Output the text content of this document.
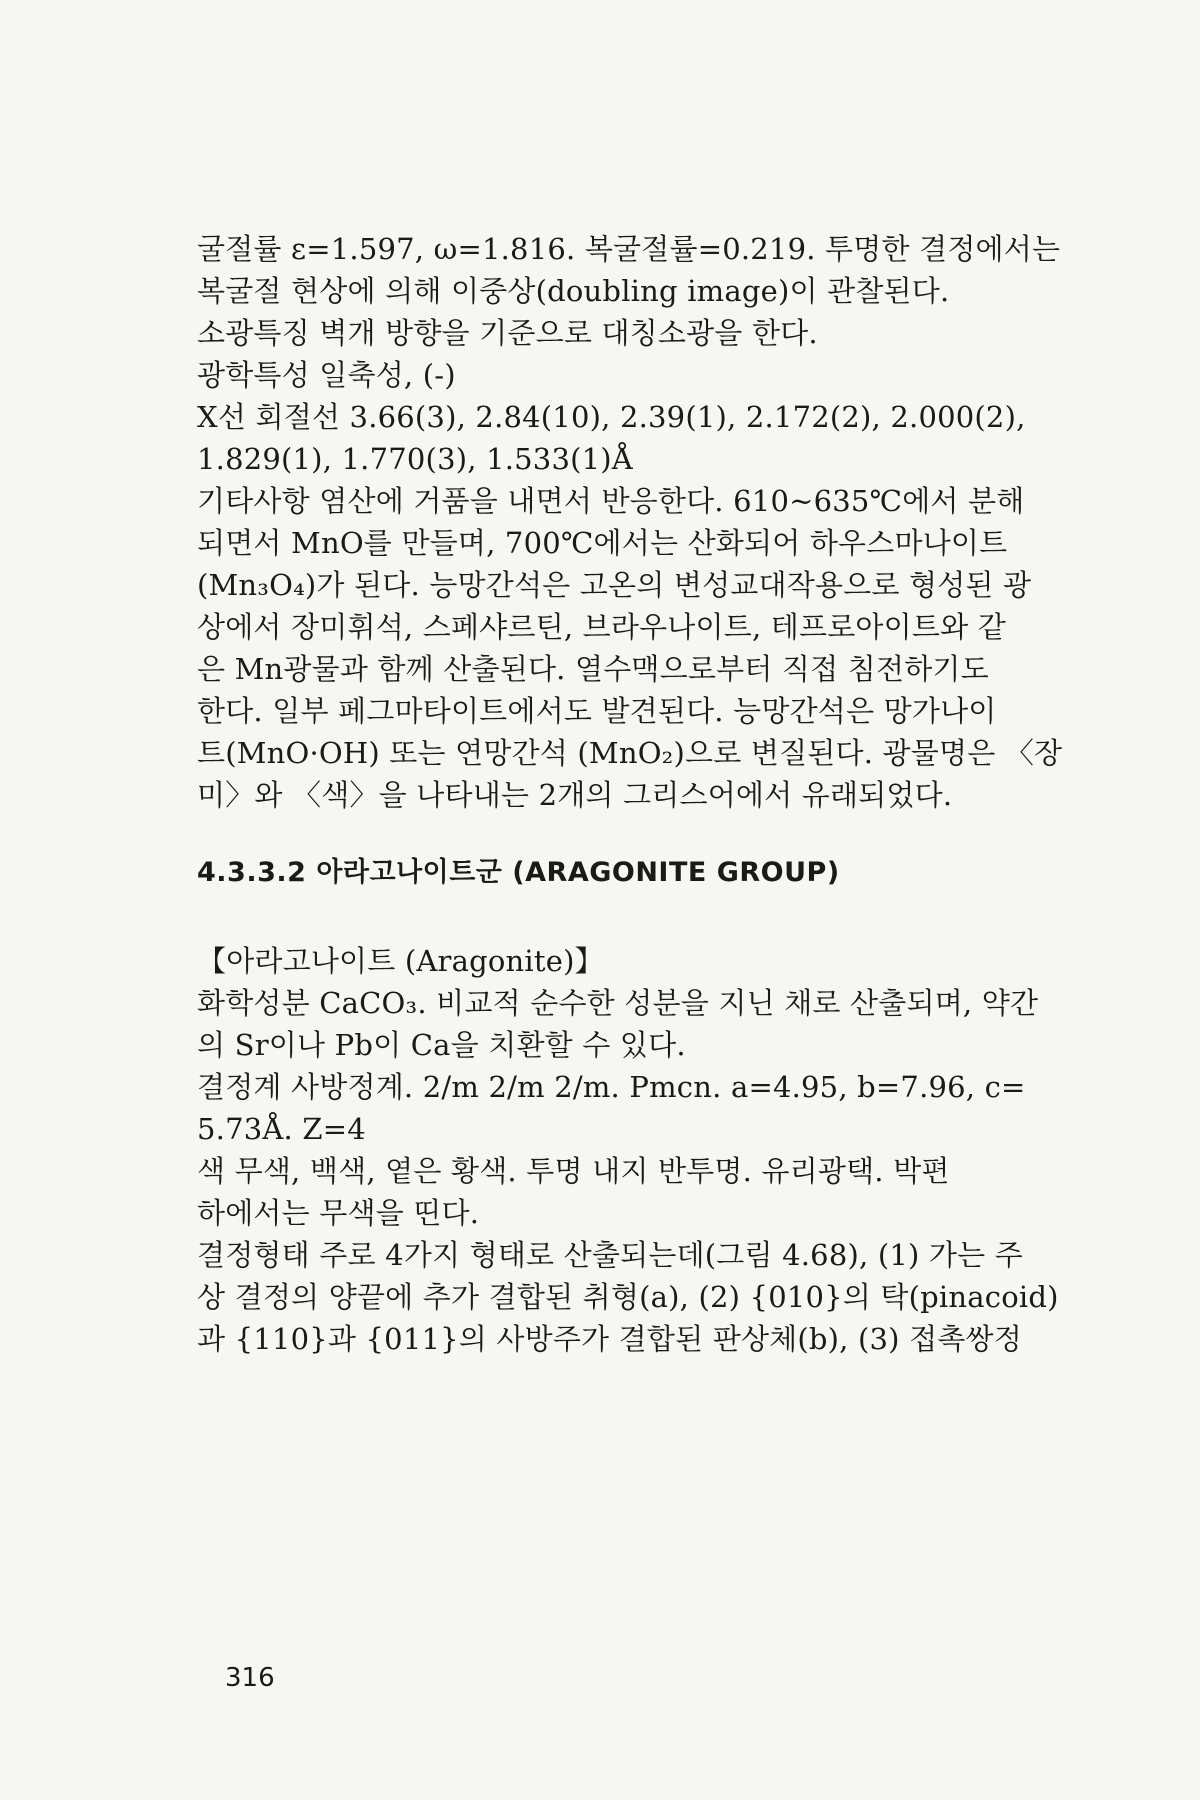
굴절률 ε=1.597, ω=1.816. 복굴절률=0.219. 투명한 결정에서는

복굴절 현상에 의해 이중상(doubling image)이 관찰된다.

소광특징 벽개 방향을 기준으로 대칭소광을 한다.

광학특성 일축성, (-)

X선 회절선 3.66(3), 2.84(10), 2.39(1), 2.172(2), 2.000(2),

1.829(1), 1.770(3), 1.533(1)Å

기타사항 염산에 거품을 내면서 반응한다. 610~635℃에서 분해

되면서 MnO를 만들며, 700℃에서는 산화되어 하우스마나이트

(Mn₃O₄)가 된다. 능망간석은 고온의 변성교대작용으로 형성된 광

상에서 장미휘석, 스페샤르틴, 브라우나이트, 테프로아이트와 같

은 Mn광물과 함께 산출된다. 열수맥으로부터 직접 침전하기도

한다. 일부 페그마타이트에서도 발견된다. 능망간석은 망가나이

트(MnO·OH) 또는 연망간석 (MnO₂)으로 변질된다. 광물명은 〈장

미〉와 〈색〉을 나타내는 2개의 그리스어에서 유래되었다.

4.3.3.2 아라고나이트군 (ARAGONITE GROUP)

【아라고나이트 (Aragonite)】

화학성분 CaCO₃. 비교적 순수한 성분을 지닌 채로 산출되며, 약간

의 Sr이나 Pb이 Ca을 치환할 수 있다.

결정계 사방정계. 2/m 2/m 2/m. Pmcn. a=4.95, b=7.96, c=

5.73Å. Z=4

색 무색, 백색, 옅은 황색. 투명 내지 반투명. 유리광택. 박편

하에서는 무색을 띤다.

결정형태 주로 4가지 형태로 산출되는데(그림 4.68), (1) 가는 주

상 결정의 양끝에 추가 결합된 취형(a), (2) {010}의 탁(pinacoid)

과 {110}과 {011}의 사방주가 결합된 판상체(b), (3) 접촉쌍정

316
